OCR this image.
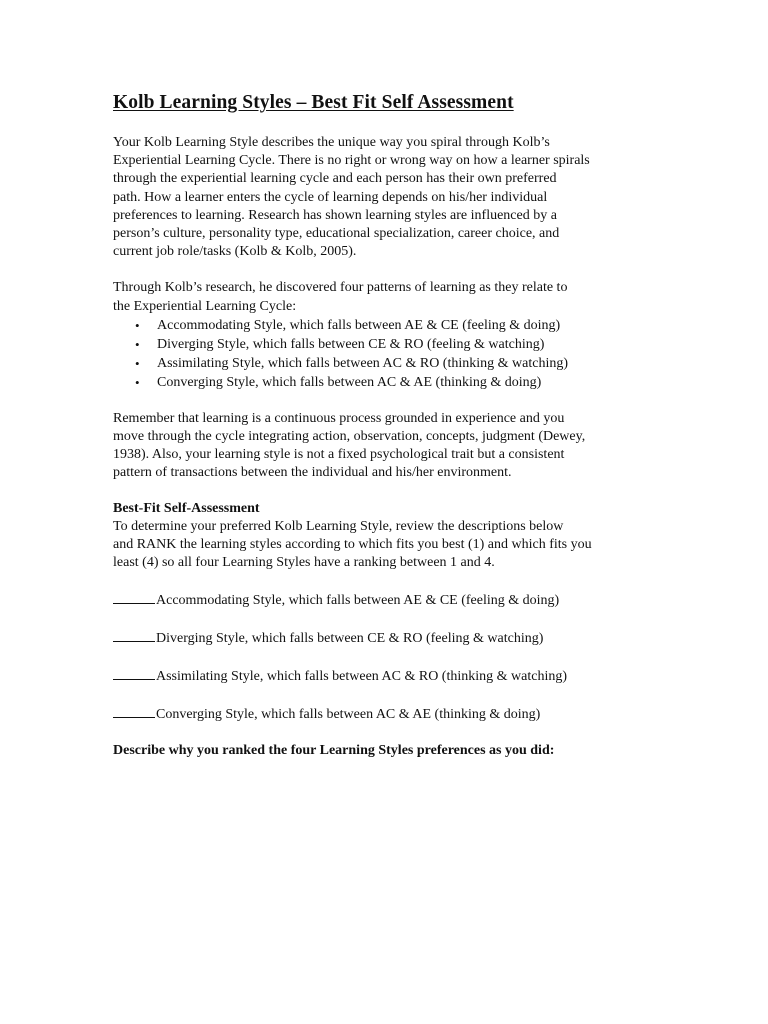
Kolb Learning Styles – Best Fit Self Assessment

Your Kolb Learning Style describes the unique way you spiral through Kolb’s
Experiential Learning Cycle. There is no right or wrong way on how a learner spirals
through the experiential learning cycle and each person has their own preferred
path. How a learner enters the cycle of learning depends on his/her individual
preferences to learning. Research has shown learning styles are influenced by a
person’s culture, personality type, educational specialization, career choice, and
current job role/tasks (Kolb & Kolb, 2005).

Through Kolb’s research, he discovered four patterns of learning as they relate to
the Experiential Learning Cycle:

• Accommodating Style, which falls between AE & CE (feeling & doing)
• Diverging Style, which falls between CE & RO (feeling & watching)
• Assimilating Style, which falls between AC & RO (thinking & watching)
• Converging Style, which falls between AC & AE (thinking & doing)

Remember that learning is a continuous process grounded in experience and you
move through the cycle integrating action, observation, concepts, judgment (Dewey,
1938). Also, your learning style is not a fixed psychological trait but a consistent
pattern of transactions between the individual and his/her environment.

Best-Fit Self-Assessment

To determine your preferred Kolb Learning Style, review the descriptions below
and RANK the learning styles according to which fits you best (1) and which fits you
least (4) so all four Learning Styles have a ranking between 1 and 4.

Accommodating Style, which falls between AE & CE (feeling & doing)
Diverging Style, which falls between CE & RO (feeling & watching)
Assimilating Style, which falls between AC & RO (thinking & watching)
Converging Style, which falls between AC & AE (thinking & doing)
Describe why you ranked the four Learning Styles preferences as you did:
